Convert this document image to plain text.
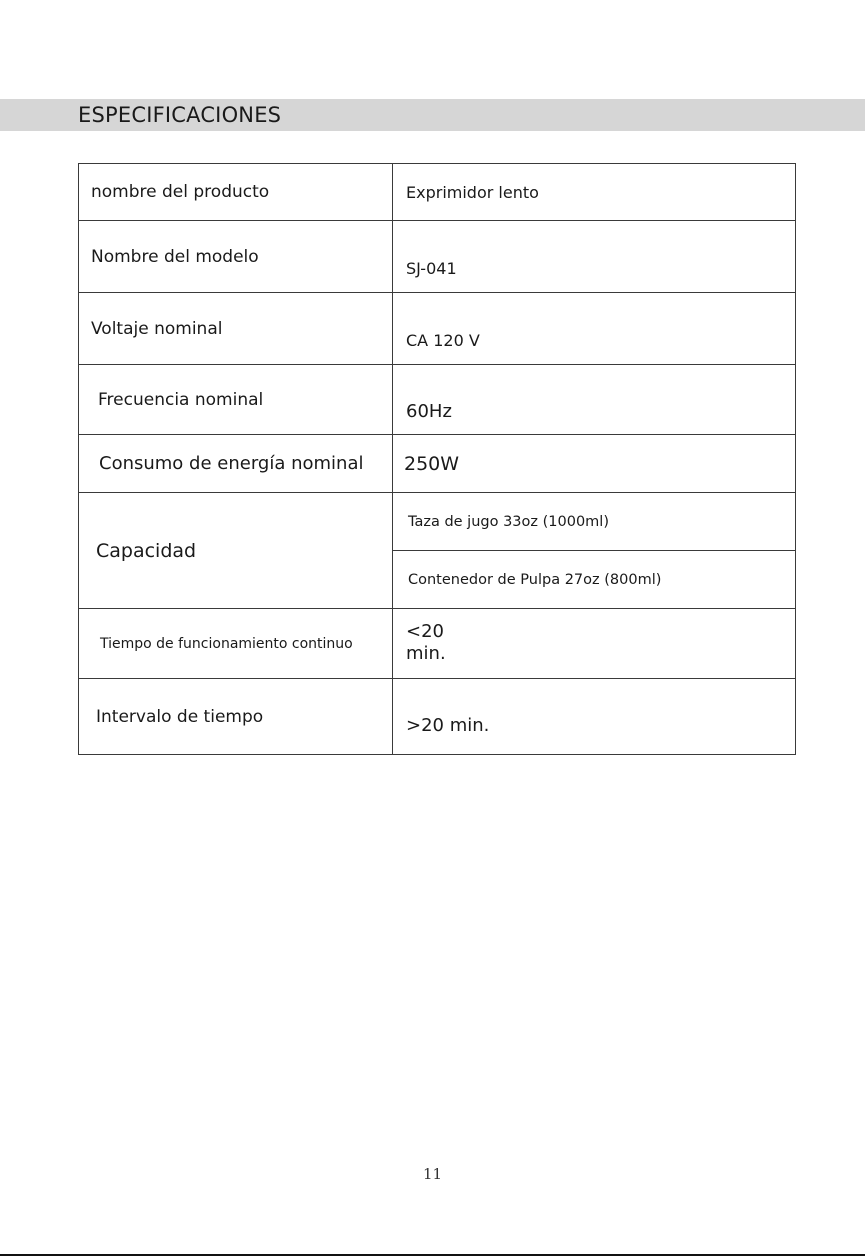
ESPECIFICACIONES
nombre del producto	Exprimidor lento
Nombre del modelo	SJ-041
Voltaje nominal	CA 120 V
Frecuencia nominal	60Hz
Consumo de energía nominal	250W
Capacidad	Taza de jugo 33oz (1000ml)
	Contenedor de Pulpa 27oz (800ml)
Tiempo de funcionamiento continuo	<20 min.
Intervalo de tiempo	>20 min.
11
